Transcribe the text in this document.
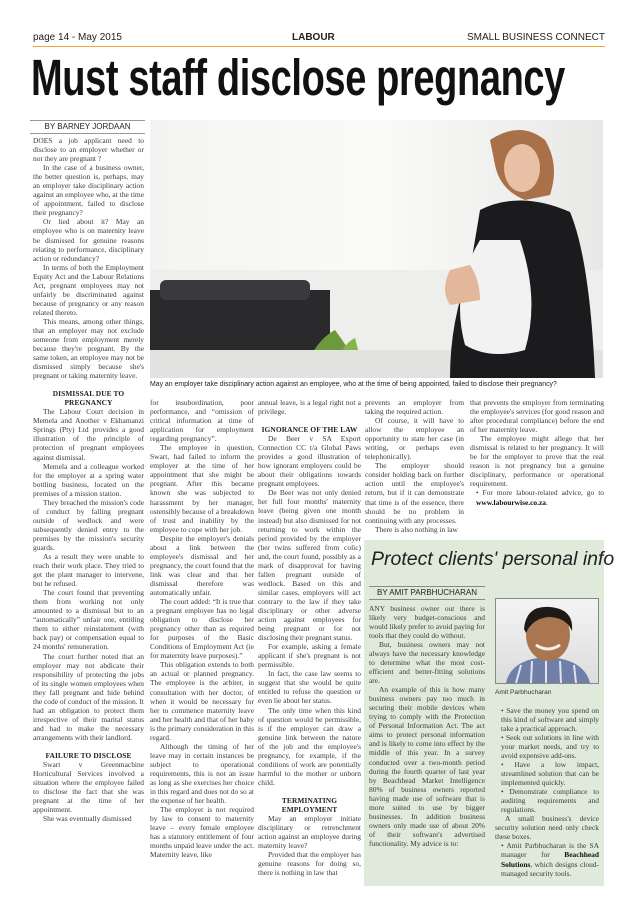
page 14 - May 2015	LABOUR	SMALL BUSINESS CONNECT
Must staff disclose pregnancy
BY BARNEY JORDAAN

DOES a job applicant need to disclose to an employer whether or not they are pregnant ?

In the case of a business owner, the better question is, perhaps, may an employer take disciplinary action against an employee who, at the time of appointment, failed to disclose their pregnancy?

Or lied about it? May an employee who is on maternity leave be dismissed for genuine reasons relating to performance, disciplinary action or redundancy?

In terms of both the Employment Equity Act and the Labour Relations Act, pregnant employees may not unfairly be discriminated against because of pregnancy or any reason related thereto.

This means, among other things, that an employer may not exclude someone from employment merely because they're pregnant. By the same token, an employee may not be dismissed simply because she's pregnant or taking maternity leave.

DISMISSAL DUE TO PREGNANCY

The Labour Court decision in Memela and Another v Ekhamanzi Springs (Pty) Ltd provides a good illustration of the principle of protection of pregnant employees against dismissal.

Memela and a colleague worked for the employer at a spring water bottling business, located on the premises of a mission station.

They breached the mission's code of conduct by falling pregnant outside of wedlock and were subsequently denied entry to the premises by the mission's security guards.

As a result they were unable to reach their work place. They tried to get the plant manager to intervene, but he refused.

The court found that preventing them from working not only amounted to a dismissal but to an “automatically” unfair one, entitling them to either reinstatement (with back pay) or compensation equal to 24 months' remuneration.

The court further noted that an employer may not abdicate their responsibility of protecting the jobs of its single women employees when they fall pregnant and hide behind the code of conduct of the mission. It had an obligation to protect them irrespective of their marital status and had to make the necessary arrangements with their landlord.

FAILURE TO DISCLOSE

Swart v Greenmachine Horticultural Services involved a situation where the employee failed to disclose the fact that she was pregnant at the time of her appointment.

She was eventually dismissed

May an employer take disciplinary action against an employee, who at the time of being appointed, failed to disclose their pregnancy?

for insubordination, poor performance, and “omission of critical information at time of application for employment regarding pregnancy”.

The employee in question, Swart, had failed to inform the employer at the time of her appointment that she might be pregnant. After this became known she was subjected to harassment by her manager, ostensibly because of a breakdown of trust and inability by the employee to cope with her job.

Despite the employer's denials about a link between the employee's dismissal and her pregnancy, the court found that the link was clear and that her dismissal therefore was automatically unfair.

The court added: “It is true that a pregnant employee has no legal obligation to disclose her pregnancy other than as required for purposes of the Basic Conditions of Employment Act (ie for maternity leave purposes).”

This obligation extends to both an actual or planned pregnancy. The employee is the arbiter, in consultation with her doctor, of when it would be necessary for her to commence maternity leave and her health and that of her baby is the primary consideration in this regard.

Although the timing of her leave may in certain instances be subject to operational requirements, this is not an issue as long as she exercises her choice in this regard and does not do so at the expense of her health.

The employer is not required by law to consent to maternity leave – every female employee has a statutory entitlement of four months unpaid leave under the act. Maternity leave, like

annual leave, is a legal right not a privilege.

IGNORANCE OF THE LAW

De Beer v SA Export Connection CC t/a Global Paws provides a good illustration of how ignorant employers could be about their obligations towards pregnant employees.

De Beer was not only denied her full four months' maternity leave (being given one month instead) but also dismissed for not returning to work within the period provided by the employer (her twins suffered from colic) and, the court found, possibly as a mark of disapproval for having fallen pregnant outside of wedlock. Based on this and similar cases, employers will act contrary to the law if they take disciplinary or other adverse action against employees for being pregnant or for not disclosing their pregnant status.

For example, asking a female applicant if she's pregnant is not permissible.

In fact, the case law seems to suggest that she would be quite entitled to refuse the question or even lie about her status.

The only time when this kind of question would be permissible, is if the employer can draw a genuine link between the nature of the job and the employee's pregnancy, for example, if the conditions of work are potentially harmful to the mother or unborn child.

TERMINATING EMPLOYMENT

May an employer initiate disciplinary or retrenchment action against an employee during maternity leave?

Provided that the employer has genuine reasons for doing so, there is nothing in law that

prevents an employer from taking the required action.

Of course, it will have to allow the employee an opportunity to state her case (in writing, or perhaps even telephonically).

The employer should consider holding back on further action until the employee's return, but if it can demonstrate that time is of the essence, there should be no problem in continuing with any processes.

There is also nothing in law

that prevents the employer from terminating the employee's services (for good reason and after procedural compliance) before the end of her maternity leave.

The employee might allege that her dismissal is related to her pregnancy. It will be for the employer to prove that the real reason is not pregnancy but a genuine disciplinary, performance or operational requirement.

• For more labour-related advice, go to www.labourwise.co.za.

Protect clients' personal info
BY AMIT PARBHUCHARAN

ANY business owner out there is likely very budget-conscious and would likely prefer to avoid paying for tools that they could do without.

But, business owners may not always have the necessary knowledge to determine what the most cost-efficient and better-fitting solutions are.

An example of this is how many business owners pay too much in securing their mobile devices when trying to comply with the Protection of Personal Information Act. The act aims to protect personal information and is likely to come into effect by the middle of this year. In a survey conducted over a two-month period during the fourth quarter of last year by Beachhead Market Intelligence 80% of business owners reported having made use of software that is more suited to use by bigger businesses. In addition business owners only made use of about 20% of their software's advertised functionality. My advice is to:

Amit Parbhucharan

• Save the money you spend on this kind of software and simply take a practical approach.

• Seek out solutions in line with your market needs, and try to avoid expensive add-ons.

• Have a low impact, streamlined solution that can be implemented quickly.

• Demonstrate compliance to auditing requirements and regulations.

A small business's device security solution need only check these boxes.

• Amit Parbhucharan is the SA manager for Beachhead Solutions, which designs cloud-managed security tools.
